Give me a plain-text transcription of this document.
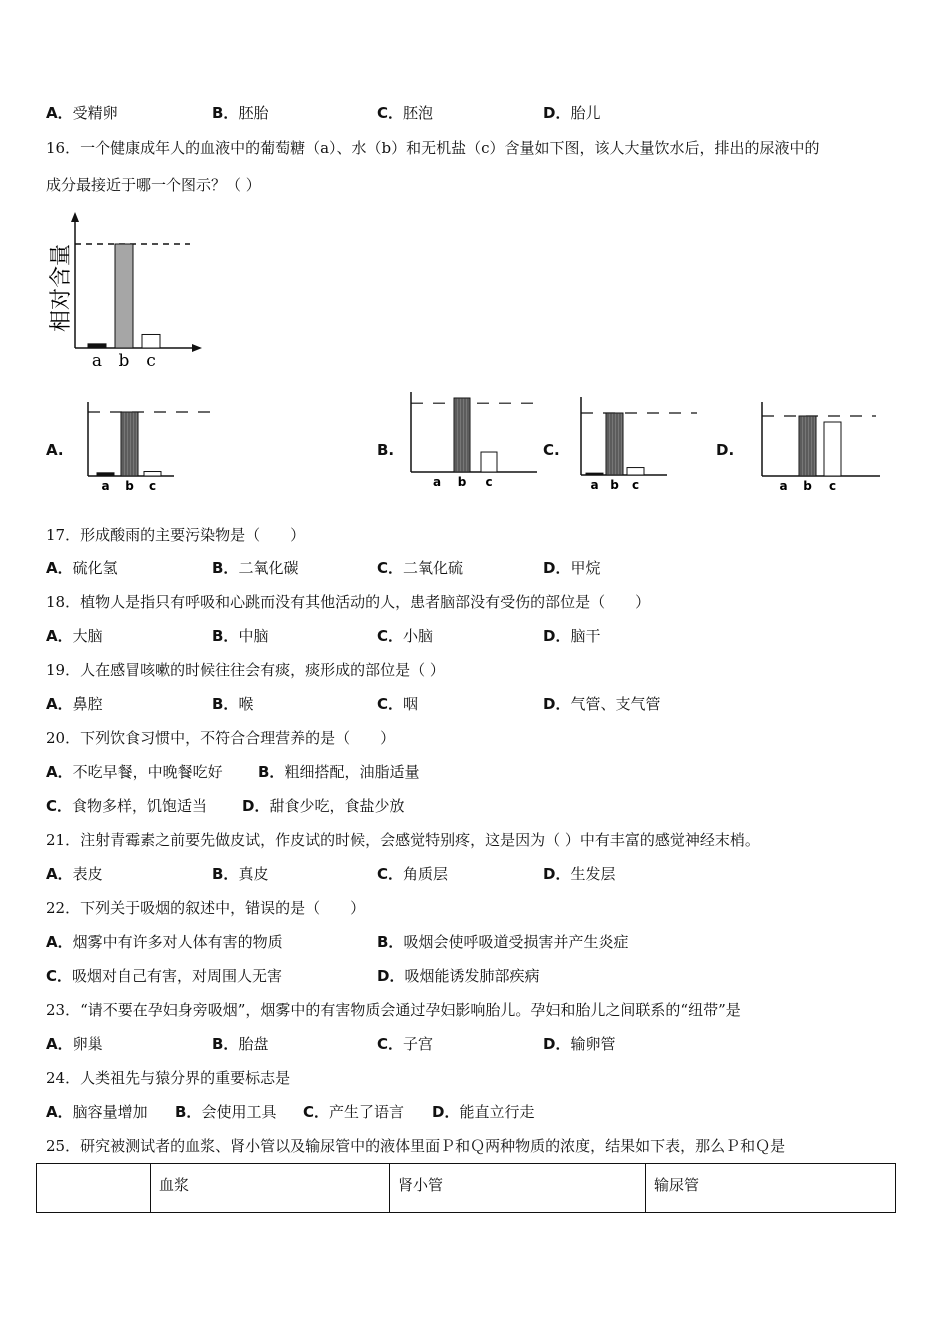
A．受精卵	B．胚胎	C．胚泡	D．胎儿
16．一个健康成年人的血液中的葡萄糖（a）、水（b）和无机盐（c）含量如下图，该人大量饮水后，排出的尿液中的
成分最接近于哪一个图示？（ ）
相对含量
a b c
A.
a b c
B.
a b c
C.
a b c
D.
a b c
17．形成酸雨的主要污染物是（　　）
A．硫化氢	B．二氧化碳	C．二氧化硫	D．甲烷
18．植物人是指只有呼吸和心跳而没有其他活动的人，患者脑部没有受伤的部位是（　　）
A．大脑	B．中脑	C．小脑	D．脑干
19．人在感冒咳嗽的时候往往会有痰，痰形成的部位是（ ）
A．鼻腔	B．喉	C．咽	D．气管、支气管
20．下列饮食习惯中，不符合合理营养的是（　　）
A．不吃早餐，中晚餐吃好 B．粗细搭配，油脂适量
C．食物多样，饥饱适当 D．甜食少吃，食盐少放
21．注射青霉素之前要先做皮试，作皮试的时候，会感觉特别疼，这是因为（ ）中有丰富的感觉神经末梢。
A．表皮	B．真皮	C．角质层	D．生发层
22．下列关于吸烟的叙述中，错误的是（　　）
A．烟雾中有许多对人体有害的物质	B．吸烟会使呼吸道受损害并产生炎症
C．吸烟对自己有害，对周围人无害	D．吸烟能诱发肺部疾病
23．“请不要在孕妇身旁吸烟”，烟雾中的有害物质会通过孕妇影响胎儿。孕妇和胎儿之间联系的“纽带”是
A．卵巢	B．胎盘	C．子宫	D．输卵管
24．人类祖先与猿分界的重要标志是
A．脑容量增加 B．会使用工具 C．产生了语言 D．能直立行走
25．研究被测试者的血浆、肾小管以及输尿管中的液体里面Ｐ和Ｑ两种物质的浓度，结果如下表，那么Ｐ和Ｑ是
	血浆	肾小管	输尿管
